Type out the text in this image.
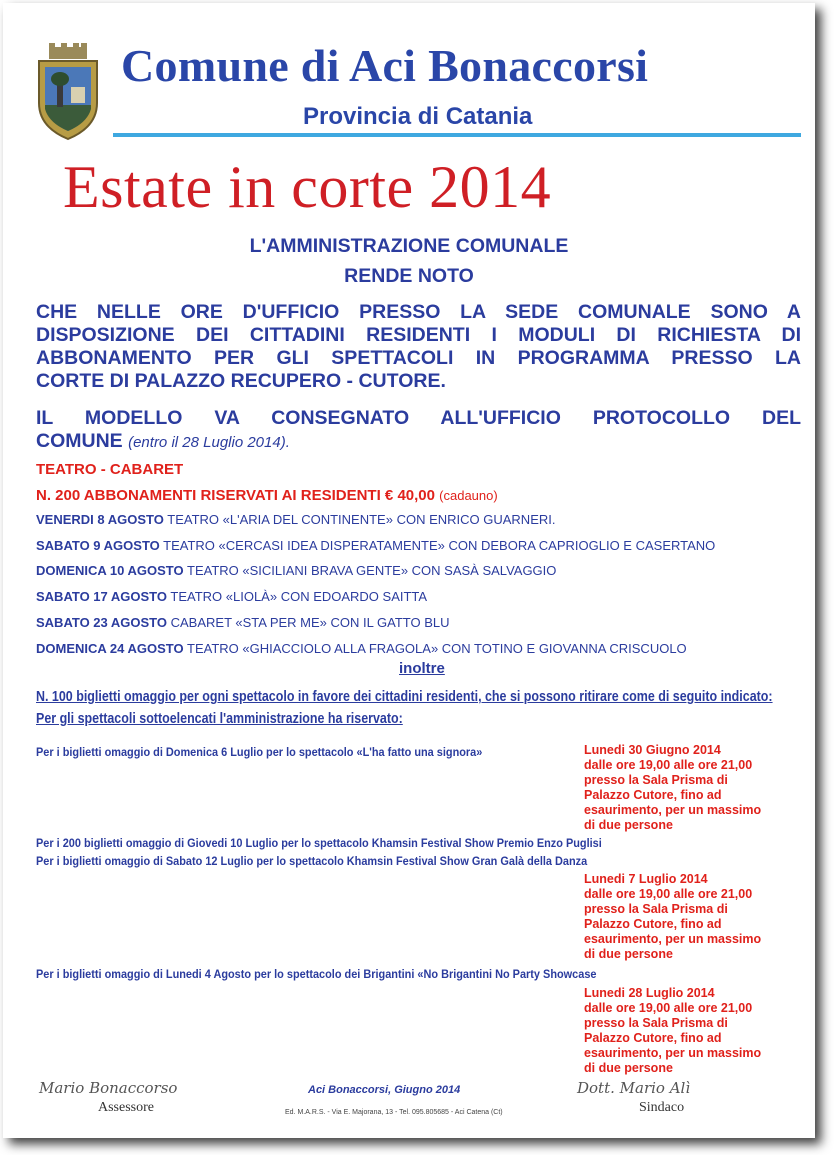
Comune di Aci Bonaccorsi
Provincia di Catania
Estate in corte 2014
L'AMMINISTRAZIONE COMUNALE
RENDE NOTO
CHE NELLE ORE D'UFFICIO PRESSO LA SEDE COMUNALE SONO A
DISPOSIZIONE DEI CITTADINI RESIDENTI I MODULI DI RICHIESTA DI
ABBONAMENTO PER GLI SPETTACOLI IN PROGRAMMA PRESSO LA
CORTE DI PALAZZO RECUPERO - CUTORE.
IL MODELLO VA CONSEGNATO ALL'UFFICIO PROTOCOLLO DEL
COMUNE (entro il 28 Luglio 2014).
TEATRO - CABARET
N. 200 ABBONAMENTI RISERVATI AI RESIDENTI € 40,00 (cadauno)
VENERDI 8 AGOSTO TEATRO «L'ARIA DEL CONTINENTE» CON ENRICO GUARNERI.
SABATO 9 AGOSTO TEATRO «CERCASI IDEA DISPERATAMENTE» CON DEBORA CAPRIOGLIO E CASERTANO
DOMENICA 10 AGOSTO TEATRO «SICILIANI BRAVA GENTE» CON SASÀ SALVAGGIO
SABATO 17 AGOSTO TEATRO «LIOLÀ» CON EDOARDO SAITTA
SABATO 23 AGOSTO CABARET «STA PER ME» CON IL GATTO BLU
DOMENICA 24 AGOSTO TEATRO «GHIACCIOLO ALLA FRAGOLA» CON TOTINO E GIOVANNA CRISCUOLO
inoltre
N. 100 biglietti omaggio per ogni spettacolo in favore dei cittadini residenti, che si possono ritirare come di seguito indicato:
Per gli spettacoli sottoelencati l'amministrazione ha riservato:
Per i biglietti omaggio di Domenica 6 Luglio per lo spettacolo «L'ha fatto una signora»	Lunedi 30 Giugno 2014
dalle ore 19,00 alle ore 21,00
presso la Sala Prisma di
Palazzo Cutore, fino ad
esaurimento, per un massimo
di due persone
Per i 200 biglietti omaggio di Giovedi 10 Luglio per lo spettacolo Khamsin Festival Show Premio Enzo Puglisi
Per i biglietti omaggio di Sabato 12 Luglio per lo spettacolo Khamsin Festival Show Gran Galà della Danza
Lunedi 7 Luglio 2014
dalle ore 19,00 alle ore 21,00
presso la Sala Prisma di
Palazzo Cutore, fino ad
esaurimento, per un massimo
di due persone
Per i biglietti omaggio di Lunedi 4 Agosto per lo spettacolo dei Brigantini «No Brigantini No Party Showcase
Lunedi 28 Luglio 2014
dalle ore 19,00 alle ore 21,00
presso la Sala Prisma di
Palazzo Cutore, fino ad
esaurimento, per un massimo
di due persone
Mario Bonaccorso
Assessore
Aci Bonaccorsi, Giugno 2014
Ed. M.A.R.S. - Via E. Majorana, 13 - Tel. 095.805685 - Aci Catena (Ct)
Dott. Mario Alì
Sindaco
